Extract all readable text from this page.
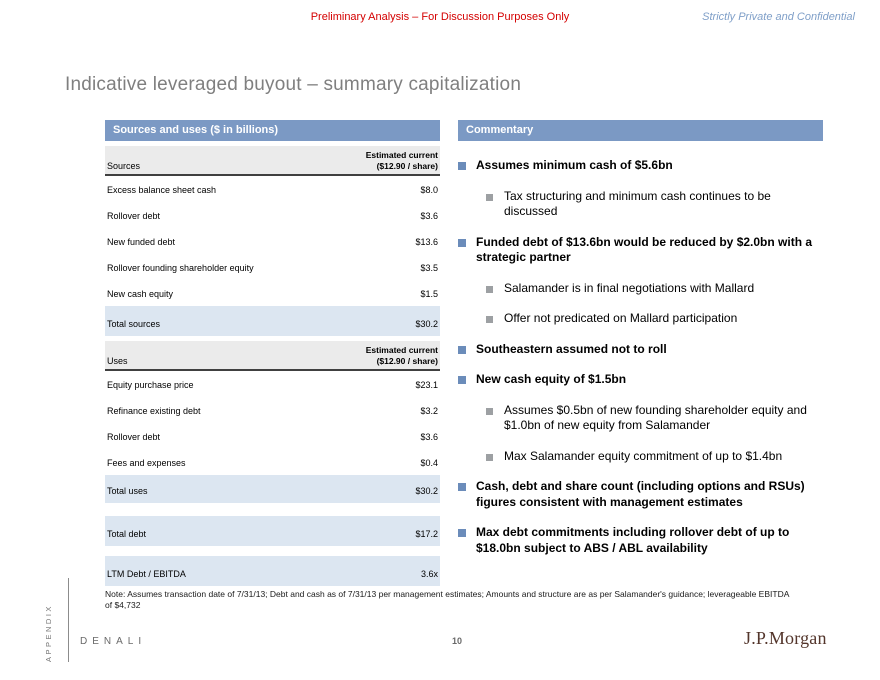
Preliminary Analysis – For Discussion Purposes Only	Strictly Private and Confidential
Indicative leveraged buyout – summary capitalization
Sources and uses ($ in billions)
Sources
Estimated current
($12.90 / share)
Excess balance sheet cash	$8.0
Rollover debt	$3.6
New funded debt	$13.6
Rollover founding shareholder equity	$3.5
New cash equity	$1.5
Total sources	$30.2
Uses
Estimated current
($12.90 / share)
Equity purchase price	$23.1
Refinance existing debt	$3.2
Rollover debt	$3.6
Fees and expenses	$0.4
Total uses	$30.2
Total debt	$17.2
LTM Debt / EBITDA	3.6x
Commentary
Assumes minimum cash of $5.6bn
Tax structuring and minimum cash continues to be discussed
Funded debt of $13.6bn would be reduced by $2.0bn with a strategic partner
Salamander is in final negotiations with Mallard
Offer not predicated on Mallard participation
Southeastern assumed not to roll
New cash equity of $1.5bn
Assumes $0.5bn of new founding shareholder equity and $1.0bn of new equity from Salamander
Max Salamander equity commitment of up to $1.4bn
Cash, debt and share count (including options and RSUs) figures consistent with management estimates
Max debt commitments including rollover debt of up to $18.0bn subject to ABS / ABL availability
Note: Assumes transaction date of 7/31/13; Debt and cash as of 7/31/13 per management estimates; Amounts and structure are as per Salamander's guidance; leverageable EBITDA of $4,732
APPENDIX	DENALI	10	J.P.Morgan
